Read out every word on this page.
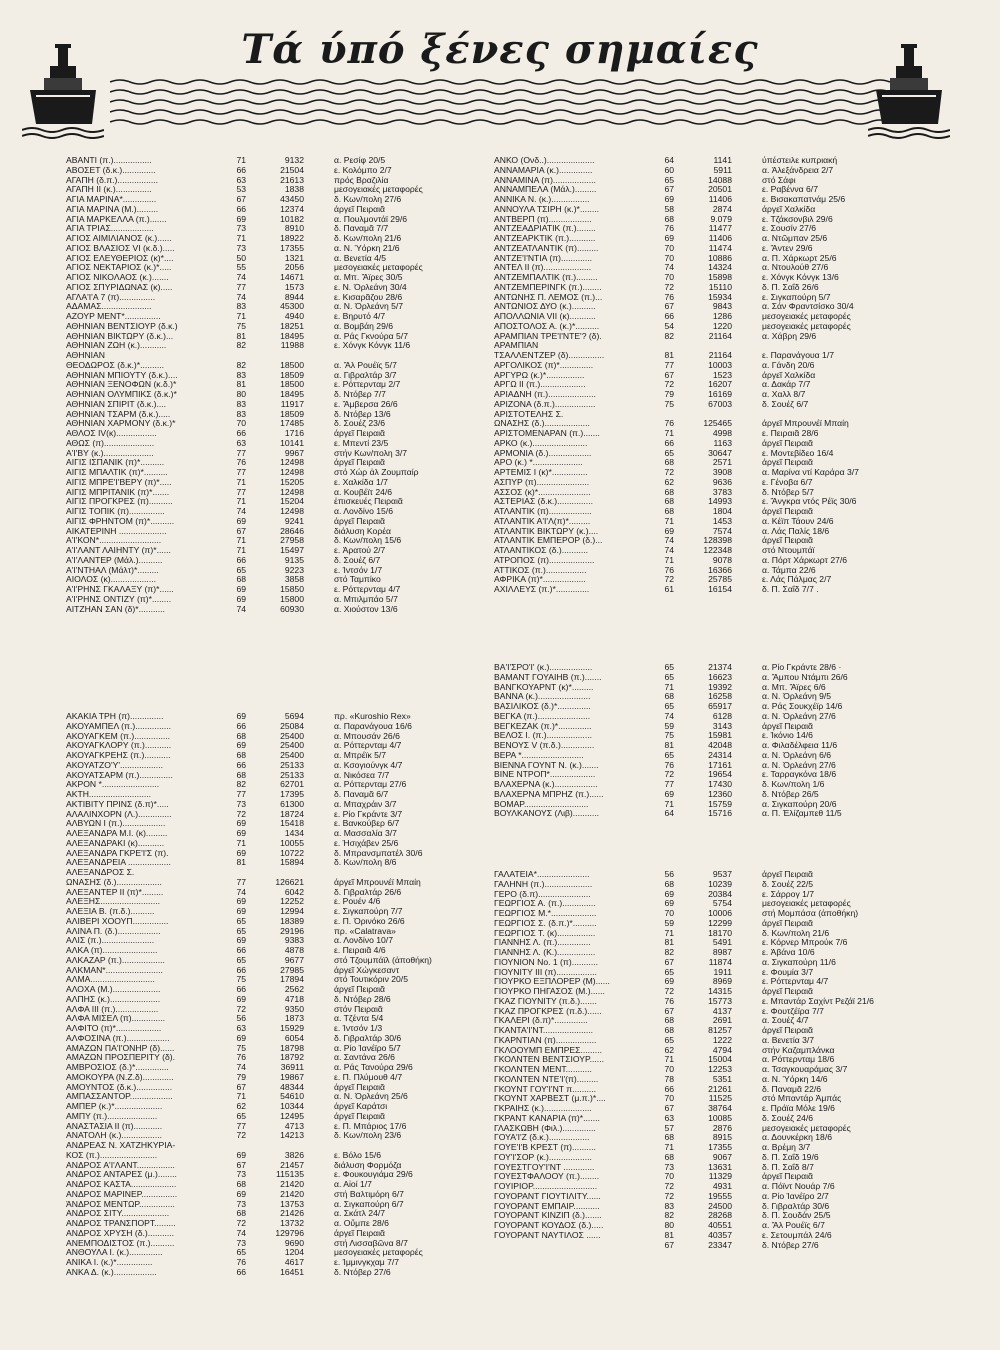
Τά ύπό ξένες σημαίες
ΑΒΑΝΤΙ (π.)................	71	9132	α. Ρεσίφ 20/5
ΑΒΟΣΕΤ (δ.κ.)..............	66	21504	ε. Κολόμπο 2/7
ΑΓΑΠΗ (δ.π.).................	63	21613	πρός Βραζιλία
ΑΓΑΠΗ ΙΙ (κ.)...............	53	1838	μεσογειακές μεταφορές
ΑΓΙΑ ΜΑΡΙΝΑ*..............	67	43450	δ. Κων/πολη 27/6
ΑΓΙΑ ΜΑΡΙΝΑ (Μ.).........	66	12374	άργεῖ Πειραιᾶ
ΑΓΙΑ ΜΑΡΚΕΛΛΑ (π.).......	69	10182	α. Πουλμοντάϊ 29/6
ΑΓΙΑ ΤΡΙΑΣ..................	73	8910	δ. Παναμᾶ 7/7
ΑΓΙΟΣ ΑΙΜΙΛΙΑΝΟΣ (κ.)......	71	18922	δ. Κων/πολη 21/6
ΑΓΙΟΣ ΒΛΑΣΙΟΣ VI (κ.δ.).....	73	17355	α. Ν. Ὑόρκη 21/6
ΑΓΙΟΣ ΕΛΕΥΘΕΡΙΟΣ (κ)*....	50	1321	α. Βενετία 4/5
ΑΓΙΟΣ ΝΕΚΤΑΡΙΟΣ (κ.)*.....	55	2056	μεσογειακές μεταφορές
ΑΓΙΟΣ ΝΙΚΟΛΑΟΣ (κ.).......	74	14671	α. Μπ. Ἄϊρες 30/5
ΑΓΙΟΣ ΣΠΥΡΙΔΩΝΑΣ (κ).....	77	1573	ε. Ν. Ὀρλεάνη 30/4
ΑΓΛΑ'Ι'Α 7 (π)...............	74	8944	ε. Κισαρᾶζου 28/6
ΑΔΑΜΑΣ.....................	83	45300	α. Ν. Ὀρλεάνη 5/7
ΑΖΟΥΡ ΜΕΝΤ*...............	71	4940	ε. Βηρυτό 4/7
ΑΘΗΝΙΑΝ ΒΕΝΤΣΙΟΥΡ (δ.κ.)	75	18251	α. Βομβάη 29/6
ΑΘΗΝΙΑΝ ΒΙΚΤΩΡΥ (δ.κ.)...	81	18495	α. Ράς Γκνούρα 5/7
ΑΘΗΝΙΑΝ ΖΩΗ (κ.)...........	82	11988	ε. Χόνγκ Κόνγκ 11/6
ΑΘΗΝΙΑΝ
ΘΕΟΔΩΡΟΣ (δ.κ.)*..........	82	18500	α. Ἄλ Ρουέϊς 5/7
ΑΘΗΝΙΑΝ ΜΠΙΟΥΤΥ (δ.κ.)....	83	18509	α. Γιβραλτάρ 3/7
ΑΘΗΝΙΑΝ ΞΕΝΟΦΩΝ (κ.δ.)*	81	18500	ε. Ρόττερνταμ 2/7
ΑΘΗΝΙΑΝ ΟΛΥΜΠΙΚΣ (δ.κ.)*	80	18495	δ. Ντόβερ 7/7
ΑΘΗΝΙΑΝ ΣΠΙΡΙΤ (δ.κ.)....	83	11917	ε. Ἄμβερσα 26/6
ΑΘΗΝΙΑΝ ΤΣΑΡΜ (δ.κ.).....	83	18509	δ. Ντόβερ 13/6
ΑΘΗΝΙΑΝ ΧΑΡΜΟΝΥ (δ.κ.)*	70	17485	δ. Σουέζ 23/6
ΑΘΛΟΣ IV(κ).................	66	1716	άργεῖ Πειραιᾶ
ΑΘΩΣ (π).....................	63	10141	ε. Μπεντί 23/5
Α'Ι'ΒΥ (κ.).....................	77	9967	στήν Κων/πολη 3/7
ΑΙΓΙΣ ΙΣΠΑΝΙΚ (π)*..........	76	12498	άργεῖ Πειραιᾶ
ΑΙΓΙΣ ΜΠΑΛΤΙΚ (π)*..........	77	12498	στό Χώρ ἀλ Ζουμπαίρ
ΑΙΓΙΣ ΜΠΡΕ'Ι'ΒΕΡΥ (π)*.....	71	15205	ε. Χαλκίδα 1/7
ΑΙΓΙΣ ΜΠΡΙΤΑΝΙΚ (π)*.......	77	12498	α. Κουβέϊτ 24/6
ΑΙΓΙΣ ΠΡΟΓΚΡΕΣ (π)..........	71	15204	ἐπισκευές Πειραιᾶ
ΑΙΓΙΣ ΤΟΠΙΚ (π)...............	74	12498	α. Λονδίνο 15/6
ΑΙΓΙΣ ΦΡΗΝΤΟΜ (π)*..........	69	9241	άργεῖ Πειραιᾶ
ΑΙΚΑΤΕΡΙΝΗ ....................	67	28646	διάλυση Κορέα
Α'Ι'ΚΟΝ*..........................	71	27958	δ. Κων/πολη 15/6
Α'Ι'ΛΑΝΤ ΛΑΙΗΝΤΥ (π)*......	71	15497	ε. Ἀρατού 2/7
Α'Ι'ΛΑΝΤΕΡ (Μάλ.)..........	66	9135	δ. Σουέζ 6/7
Α'Ι'ΝΤΗΑΛ (Μάλτ)*.........	65	9223	ε. Ἰντσόν 1/7
ΑΙΟΛΟΣ (κ)...................	68	3858	στό Ταμπίκο
Α'Ι'ΡΗΝΣ ΓΚΑΛΑΞΥ (π)*......	69	15850	ε. Ρόττερνταμ 4/7
Α'Ι'ΡΗΝΣ ΟΝΤΙΖΥ (π)*........	69	15800	α. Μπιλμπάο 5/7
ΑΙΤΖΗΑΝ ΣΑΝ (δ)*...........	74	60930	α. Χιούστον 13/6
ΑΚΑΚΙΑ ΤΡΗ (π)..............	69	5694	πρ. «Kuroshio Rex»
ΑΚΟΥΑΜΠΕΛ (π.)...............	66	25084	α. Παρανάγουα 16/6
ΑΚΟΥΑΓΚΕΜ (π.)...............	68	25400	α. Μπουσάν 26/6
ΑΚΟΥΑΓΚΛΟΡΥ (π.)...........	69	25400	α. Ρόττερνταμ 4/7
ΑΚΟΥΑΓΚΡΕΗΣ (π.)...........	68	25400	α. Μπρέϊκ 5/7
ΑΚΟΥΑΤΖΟ'Υ'..................	66	25133	α. Κσογιούνγκ 4/7
ΑΚΟΥΑΤΣΑΡΜ (π.)..............	68	25133	α. Νικόσεα 7/7
ΑΚΡΟΝ *........................	82	62701	α. Ρόττερνταμ 27/6
ΑΚΤΗ..........................	77	17395	δ. Παναμᾶ 6/7
ΑΚΤΙΒΙΤΥ ΠΡΙΝΣ (δ.π)*.....	73	61300	α. Μπαχράιν 3/7
ΑΛΑΛΙΝΧΟΡΝ (Λ.)..............	72	18724	ε. Ρίο Γκράντε 3/7
ΑΛΒΥΩΝ Ι (π.)..................	69	15418	ε. Βανκούβερ 6/7
ΑΛΕΞΑΝΔΡΑ Μ.Ι. (κ).........	69	1434	α. Μασσαλία 3/7
ΑΛΕΞΑΝΔΡΑΚΙ (κ)...........	71	10055	ε. Ἡσιχάβεν 25/6
ΑΛΕΞΑΝΔΡΑ ΓΚΡΕ'Ι'Σ (π).	69	10722	δ. Μπρανσμπατέλ 30/6
ΑΛΕΞΑΝΔΡΕΙΑ ..................	81	15894	δ. Κων/πολη 8/6
ΑΛΕΞΑΝΔΡΟΣ Σ.
ΩΝΑΣΗΣ (δ.)...................	77	126621	άργεῖ Μπρουνέϊ Μπαίη
ΑΛΕΞΑΝΤΕΡ ΙΙ (π)*.........	74	6042	δ. Γιβραλτάρ 26/6
ΑΛΕΞΗΣ.........................	69	12252	ε. Ρουέν 4/6
ΑΛΕΞΙΑ Β. (π.δ.)..........	69	12994	ε. Σιγκαπούρη 7/7
ΑΛΙΒΕΡΙ ΧΟΟΥΠ...............	65	18389	ε. Π. Ὀρινόκο 26/6
ΑΛΙΝΑ Π. (δ.)..................	65	29196	πρ. «Calatrava»
ΑΛΙΣ (π.)......................	69	9383	α. Λονδίνο 10/7
ΑΛΚΑ (π).......................	66	4878	ε. Πειραιᾶ 4/6
ΑΛΚΑΖΑΡ (π.)..................	65	9677	στό Τζουμπάϊλ (ἀποθήκη)
ΑΛΚΜΑΝ*........................	66	27985	άργεῖ Χώγκεσαντ
ΑΛΜΑ...........................	75	17894	στό Τουτικόριν 20/5
ΑΛΟΧΑ (Μ.)....................	66	2562	άργεῖ Πειραιᾶ
ΑΛΠΗΣ (κ.).....................	69	4718	δ. Ντόβερ 28/6
ΑΛΦΑ ΙΙΙ (π.)..................	72	9350	στόν Πειραιᾶ
ΑΛΦΑ ΜΙΣΕΛ (π)..............	56	1873	α. Τζέντα 5/4
ΑΛΦΙΤΟ (π)*...................	63	15929	ε. Ἰντσόν 1/3
ΑΛΦΟΣΙΝΑ (π.)..................	69	6054	δ. Γιβραλτάρ 30/6
ΑΜΑΖΩΝ ΠΑ'Ι'ΟΝΗΡ (δ)......	75	18798	α. Ρίο Ἰανέϊρο 5/7
ΑΜΑΖΩΝ ΠΡΟΣΠΕΡΙΤΥ (δ).	76	18792	α. Σαντάνα 26/6
ΑΜΒΡΟΣΙΟΣ (δ.)*..............	74	36911	α. Ράς Τανούρα 29/6
ΑΜΟΚΟΥΡΑ (Ν.Ζ.δ).............	79	19867	ε. Π. Πλύμουθ 4/7
ΑΜΟΥΝΤΟΣ (δ.κ.)...............	67	48344	άργεῖ Πειραιᾶ
ΑΜΠΑΣΣΑΝΤΟΡ..................	71	54610	α. Ν. Ὀρλεάνη 25/6
ΑΜΠΕΡ (κ.)*....................	62	10344	άργεῖ Καράτσι
ΑΜΠΥ (π.).....................	65	12495	άργεῖ Πειραιᾶ
ΑΝΑΣΤΑΣΙΑ ΙΙ (π)............	77	4713	ε. Π. Μπάριος 17/6
ΑΝΑΤΟΛΗ (κ.).................	72	14213	δ. Κων/πολη 23/6
ΑΝΔΡΕΑΣ Ν. ΧΑΤΖΗΚΥΡΙΑ-
ΚΟΣ (π.)........................	69	3826	ε. Βόλο 15/6
ΑΝΔΡΟΣ Α'Ι'ΛΑΝΤ................	67	21457	διάλυση Φορμόζα
ΑΝΔΡΟΣ ΑΝΤΑΡΕΣ (μ.)........	73	115135	ε. Φουκουγιάμα 29/6
ΑΝΔΡΟΣ ΚΑΣΤΑ...................	68	21420	α. Αἰοί 1/7
ΑΝΔΡΟΣ ΜΑΡΙΝΕΡ...............	69	21420	στή Βαλτιμόρη 6/7
ΆΝΔΡΟΣ ΜΕΝΤΩΡ...............	73	13753	α. Σιγκαπούρη 6/7
ΑΝΔΡΟΣ ΣΙΤΥ....................	68	21426	α. Σκάτλ 24/7
ΑΝΔΡΟΣ ΤΡΑΝΣΠΟΡΤ.........	72	13732	α. Οὔμπε 28/6
ΑΝΔΡΟΣ ΧΡΥΣΗ (δ.)...........	74	129796	άργεῖ Πειραιᾶ
ΑΝΕΜΠΟΔΙΣΤΟΣ (π.)..........	73	9690	στή Λισσαβῶνα 8/7
ΑΝΘΟΥΛΑ Ι. (κ.)..............	65	1204	μεσογειακές μεταφορές
ΑΝΙΚΑ Ι. (κ.)*...............	76	4617	ε. Ἰμμινγκχαμ 7/7
ΑΝΚΑ Δ. (κ.)..................	66	16451	δ. Ντόβερ 27/6
ΑΝΚΟ (Ονδ..)....................	64	1141	ύπέστειλε κυπριακή
ΑΝΝΑΜΑΡΙΑ (κ.)..............	60	5911	α. Ἀλεξάνδρεια 2/7
ΑΝΝΑΜΙΝΑ (π)..................	65	14088	στό Σάφι
ΑΝΝΑΜΠΕΛΑ (Μάλ.).........	67	20501	ε. Ραβέννα 6/7
ΑΝΝΙΚΑ Ν. (κ.)................	69	11406	ε. Βισακαπατνάμ 25/6
ΑΝΝΟΥΛΑ ΤΣΙΡΗ (κ.)*........	58	2874	άργεῖ Χαλκίδα
ΑΝΤΒΕΡΠ (π)..................	68	9.079	ε. Τζάκσονβιλ 29/6
ΑΝΤΖΕΑΔΡΙΑΤΙΚ (π.)........	76	11477	ε. Σουσίν 27/6
ΑΝΤΖΕΑΡΚΤΙΚ (π.)...........	69	11406	α. Ντῶμπαν 25/6
ΑΝΤΖΕΑΤΛΑΝΤΙΚ (π).........	70	11474	ε. Ἄντεν 29/6
ΑΝΤΖΕ'Ι'ΝΤΙΑ (π).............	70	10886	α. Π. Χάρκωρτ 25/6
ΑΝΤΕΛ ΙΙ (π)....................	74	14324	α. Ντουλούθ 27/6
ΑΝΤΖΕΜΠΑΛΤΙΚ (π.).........	70	15898	ε. Χόνγκ Κόνγκ 13/6
ΑΝΤΖΕΜΠΕΡΙΝΓΚ (π.)........	72	15110	δ. Π. Σαΐδ 26/6
ΑΝΤΩΝΗΣ Π. ΛΕΜΟΣ (π.)...	76	15934	ε. Σιγκαπούρη 5/7
ΑΝΤΩΝΙΟΣ ΔΥΟ (κ.)..........	67	9843	α. Σάν Φραντσίσκο 30/4
ΑΠΟΛΛΩΝΙΑ VII (κ)...........	66	1286	μεσογειακές μεταφορές
ΑΠΟΣΤΟΛΟΣ Α. (κ.)*..........	54	1220	μεσογειακές μεταφορές
ΑΡΑΜΠΙΑΝ ΤΡΕ'Ι'ΝΤΕ'? (δ).	82	21164	α. Χάβρη 29/6
ΑΡΑΜΠΙΑΝ
ΤΣΑΛΛΕΝΤΖΕΡ (δ)...............	81	21164	ε. Παρανάγουα 1/7
ΑΡΓΟΛΙΚΟΣ (π)*..............	77	10003	α. Γάνδη 20/6
ΑΡΓΥΡΩ (κ.)*................	67	1523	άργεῖ Χαλκίδα
ΑΡΓΩ ΙΙ (π.)...................	72	16207	α. Δακάρ 7/7
ΑΡΙΑΔΝΗ (π.)....................	79	16169	α. Χαλλ 8/7
ΑΡΙΖΟΝΑ (δ.π.).................	75	67003	δ. Σουέζ 6/7
ΑΡΙΣΤΟΤΕΛΗΣ Σ.
ΩΝΑΣΗΣ (δ.)...................	76	125465	άργεῖ Μπρουνέϊ Μπαίη
ΑΡΙΣΤΟΜΕΝΑΡΑΝ (π.).......	71	4998	ε. Πειραιᾶ 28/6
ΑΡΚΟ (κ.).......................	66	1163	άργεῖ Πειραιᾶ
ΑΡΜΟΝΙΑ (δ.)..................	65	30647	ε. Μοντεβίδεο 16/4
ΑΡΟ (κ.) *.....................	68	2571	άργεῖ Πειραιᾶ
ΑΡΤΕΜΙΣ Ι (κ)*...............	72	3908	α. Μαρίνα ντί Καράρα 3/7
ΑΣΠΥΡ (π)......................	62	9636	ε. Γένοβα 6/7
ΑΣΣΟΣ (κ)*......................	68	3783	δ. Ντόβερ 5/7
ΑΣΤΕΡΙΑΣ (δ.κ.)...............	68	14993	ε. Ἄνγκρα ντός Ρέϊς 30/6
ΑΤΛΑΝΤΙΚ (π)..................	68	1804	άργεῖ Πειραιᾶ
ΑΤΛΑΝΤΙΚ Α'Ι'Λ(π)*.........	71	1453	α. Κέϊπ Τάουν 24/6
ΑΤΛΑΝΤΙΚ ΒΙΚΤΩΡΥ (κ.)....	69	7574	α. Λάς Παλίς 18/6
ΑΤΛΑΝΤΙΚ ΕΜΠΕΡΟΡ (δ.)...	74	128398	άργεῖ Πειραιᾶ
ΑΤΛΑΝΤΙΚΟΣ (δ.)...........	74	122348	στό Ντουμπάϊ
ΑΤΡΟΠΟΣ (π)...................	71	9078	α. Πόρτ Χάρκωρτ 27/6
ΑΤΤΙΚΟΣ (π.).................	76	16366	α. Τάμπα 22/6
ΑΦΡΙΚΑ (π)*..................	72	25785	ε. Λάς Πάλμας 2/7
ΑΧΙΛΛΕΥΣ (π.)*..............	61	16154	δ. Π. Σαΐδ 7/7 .
ΒΑ'Ι'ΣΡΟ'Ι' (κ.)..................	65	21374	α. Ρίο Γκράντε 28/6 ·
ΒΑΜΑΝΤ ΓΟΥΑΙΗΒ (π.).......	65	16623	α. Ἄμπου Ντάμπι 26/6
ΒΑΝΓΚΟΥΑΡΝΤ (κ)*.........	71	19392	α. Μπ. Ἄϊρες 6/6
ΒΑΝΝΑ (κ.)......................	68	16258	α. Ν. Ὀρλεάνη 9/5
ΒΑΣΙΛΙΚΟΣ (δ.)*..............	65	65917	α. Ράς Σουκχέϊρ 14/6
ΒΕΓΚΑ (π.)......................	74	6128	α. Ν. Ὀρλεάνη 27/6
ΒΕΓΚΕΖΑΚ (π.)*..............	59	3143	άργεῖ Πειραιᾶ
ΒΕΛΟΣ Ι. (π.)...................	75	15981	ε. Ἰκόνιο 14/6
ΒΕΝΟΥΣ V (π.δ.)..............	81	42048	α. Φιλαδέλφεια 11/6
ΒΕΡΑ *..........................	65	24314	α. Ν. Ὀρλεάνη 6/6
ΒΙΕΝΝΑ ΓΟΥΝΤ Ν. (κ.).......	76	17161	α. Ν. Ὀρλεάνη 27/6
ΒΙΝΕ ΝΤΡΟΠ*...................	72	19654	ε. Ταρραγκόνα 18/6
ΒΛΑΧΕΡΝΑ (κ.)..................	77	17430	δ. Κων/πολη 1/6
ΒΛΑΧΕΡΝΑ ΜΠΡΗΖ (π.)......	69	12360	δ. Ντόβερ 26/5
ΒΟΜΑΡ...........................	71	15759	α. Σιγκαπούρη 20/6
ΒΟΥΛΚΑΝΟΥΣ (Λιβ)...........	64	15716	α. Π. Ἐλίζαμπεθ 11/5
ΓΑΛΑΤΕΙΑ*......................	56	9537	άργεῖ Πειραιᾶ
ΓΑΛΗΝΗ (π.)....................	68	10239	δ. Σουέζ 22/5
ΓΕΡΟ (δ.π)......................	69	20384	ε. Σάρρογ 1/7
ΓΕΩΡΓΙΟΣ Α. (π.)..............	69	5754	μεσογειακές μεταφορές
ΓΕΩΡΓΙΟΣ Μ.*...................	70	10006	στή Μομπάσα (ἀποθήκη)
ΓΕΩΡΓΙΟΣ Σ. (δ.π.)*..........	59	12299	άργεῖ Πειραιᾶ
ΓΕΩΡΓΙΟΣ Τ. (κ)................	71	18170	δ. Κων/πολη 21/6
ΓΙΑΝΝΗΣ Λ. (π.)..............	81	5491	ε. Κόρνερ Μπρούκ 7/6
ΓΙΑΝΝΗΣ Λ. (Κ.)................	82	8987	ε. Ἀβάνα 10/6
ΓΙΟΥΝΙΟΝ Νο. 1 (π)...........	67	11874	α. Σιγκαπούρη 11/6
ΓΙΟΥΝΙΤΥ ΙΙΙ (π).................	65	1911	ε. Φουμία 3/7
ΓΙΟΥΡΚΟ ΕΞΠΛΟΡΕΡ (Μ)......	69	8969	ε. Ρόττερνταμ 4/7
ΓΙΟΥΡΚΟ ΠΗΓΑΣΟΣ (Μ.)......	72	14315	άργεῖ Πειραιᾶ
ΓΚΑΖ ΓΙΟΥΝΙΤΥ (π.δ.).......	76	15773	ε. Μπαντάρ Σαχίντ Ρεζάϊ 21/6
ΓΚΑΖ ΠΡΟΓΚΡΕΣ (π.δ.)......	67	4137	ε. Φουτζέϊρα 7/7
ΓΚΑΛΕΡΙ (δ.π)*..............	68	2691	α. Σουέζ 4/7
ΓΚΑΝΤΑ'Ι'ΝΤ.....................	68	81257	άργεῖ Πειραιᾶ
ΓΚΑΡΝΤΙΑΝ (π).................	65	1222	α. Βενετία 3/7
ΓΚΛΟΟΥΜΠ ΕΜΠΡΕΣ.........	62	4794	στήν Καζαμπλάνκα
ΓΚΟΛΝΤΕΝ ΒΕΝΤΣΙΟΥΡ......	71	15004	α. Ρόττερνταμ 18/6
ΓΚΟΛΝΤΕΝ ΜΕΝΤ...........	70	12253	α. Τσαγκουαράμας 3/7
ΓΚΟΛΝΤΕΝ ΝΤΕ'Ι'(π).........	78	5351	α. Ν. Ὑόρκη 14/6
ΓΚΟΥΝΤ ΓΟΥ'Ι'ΝΤ π..........	66	21261	δ. Παναμᾶ 22/6
ΓΚΟΥΝΤ ΧΑΡΒΕΣΤ (μ.π.)*....	70	11525	στό Μπαντάρ Ἀμπάς
ΓΚΡΑΙΗΣ (κ.)....................	67	38764	ε. Πράϊα Μόλε 19/6
ΓΚΡΑΝΤ ΚΑΝΑΡΙΑ (π)*.......	63	10085	δ. Σουέζ 24/6
ΓΛΑΣΚΩΒΗ (Φιλ.)..............	57	2876	μεσογειακές μεταφορές
ΓΟΥΑ'Ι'Ζ (δ.κ.).................	68	8915	α. Δουνκέρκη 18/6
ΓΟΥΕ'Ι'Β ΚΡΕΣΤ (π)..........	71	17355	α. Βρέμη 3/7
ΓΟΥ'Ι'ΣΟΡ (κ.)..................	68	9067	δ. Π. Σαΐδ 19/6
ΓΟΥΕΣΤΓΟΥ'Ι'ΝΤ .............	73	13631	δ. Π. Σαΐδ 8/7
ΓΟΥΕΣΤΦΑΛΟΟΥ (π.)........	70	11329	άργεῖ Πειραιᾶ
ΓΟΥΙΡΙΟΡ...........................	72	4931	α. Πόϊντ Νουάρ 7/6
ΓΟΥΟΡΑΝΤ ΓΙΟΥΤΙΛΙΤΥ......	72	19555	α. Ρίο Ἰανέϊρο 2/7
ΓΟΥΟΡΑΝΤ ΕΜΠΑΙΡ...........	83	24500	δ. Γιβραλτάρ 30/6
ΓΟΥΟΡΑΝΤ ΚΙΝΖΙΠ (δ.).......	82	28268	δ. Π. Σουδάν 25/5
ΓΟΥΟΡΑΝΤ ΚΟΥΔΟΣ (δ.).....	80	40551	α. Ἄλ Ρουέϊς 6/7
ΓΟΥΟΡΑΝΤ ΝΑΥΤΙΛΟΣ ......	81	40357	ε. Σετουμπάλ 24/6
67	23347	δ. Ντόβερ 27/6
